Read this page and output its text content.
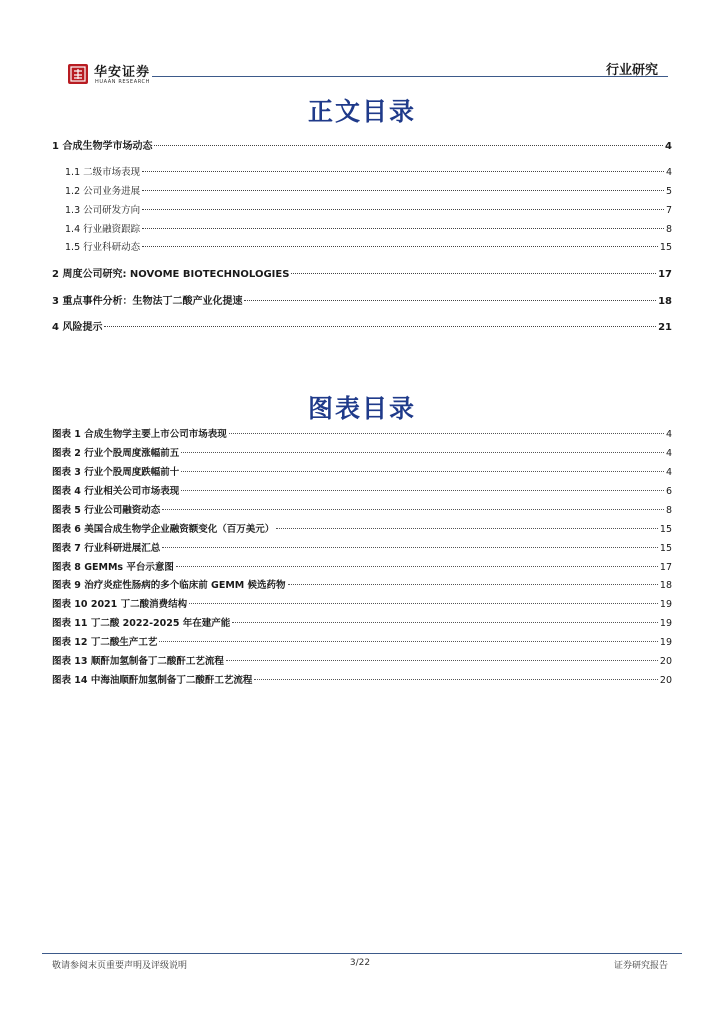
华安证券
HUAAN RESEARCH
行业研究
正文目录
1 合成生物学市场动态	4
1.1 二级市场表现	4
1.2 公司业务进展	5
1.3 公司研发方向	7
1.4 行业融资跟踪	8
1.5 行业科研动态	15
2 周度公司研究: NOVOME BIOTECHNOLOGIES	17
3 重点事件分析：生物法丁二酸产业化提速	18
4 风险提示	21
图表目录
图表 1 合成生物学主要上市公司市场表现	4
图表 2 行业个股周度涨幅前五	4
图表 3 行业个股周度跌幅前十	4
图表 4 行业相关公司市场表现	6
图表 5 行业公司融资动态	8
图表 6 美国合成生物学企业融资额变化（百万美元）	15
图表 7 行业科研进展汇总	15
图表 8 GEMMs 平台示意图	17
图表 9 治疗炎症性肠病的多个临床前 GEMM 候选药物	18
图表 10 2021 丁二酸消费结构	19
图表 11 丁二酸 2022-2025 年在建产能	19
图表 12 丁二酸生产工艺	19
图表 13 顺酐加氢制备丁二酸酐工艺流程	20
图表 14 中海油顺酐加氢制备丁二酸酐工艺流程	20
敬请参阅末页重要声明及评级说明	3/22	证券研究报告
